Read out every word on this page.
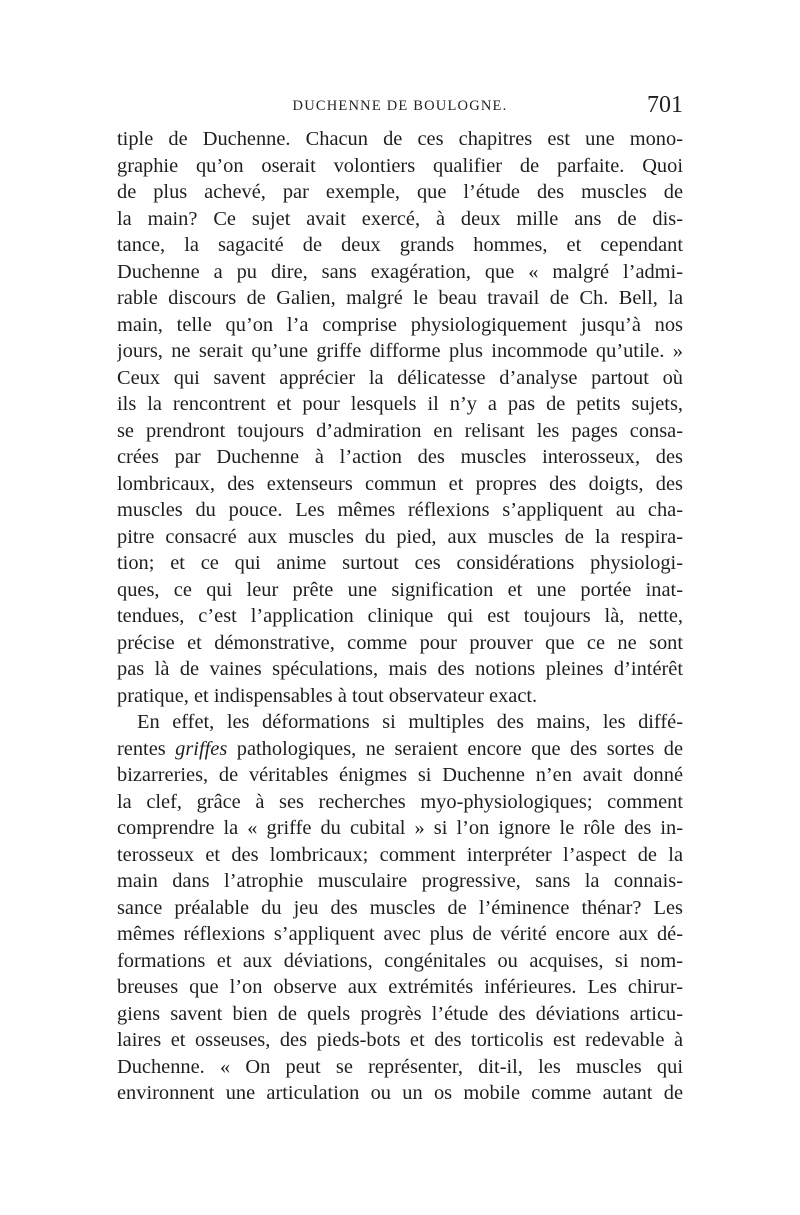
DUCHENNE DE BOULOGNE.	701
tiple de Duchenne. Chacun de ces chapitres est une mono-
graphie qu’on oserait volontiers qualifier de parfaite. Quoi
de plus achevé, par exemple, que l’étude des muscles de
la main? Ce sujet avait exercé, à deux mille ans de dis-
tance, la sagacité de deux grands hommes, et cependant
Duchenne a pu dire, sans exagération, que « malgré l’admi-
rable discours de Galien, malgré le beau travail de Ch. Bell, la
main, telle qu’on l’a comprise physiologiquement jusqu’à nos
jours, ne serait qu’une griffe difforme plus incommode qu’utile. »
Ceux qui savent apprécier la délicatesse d’analyse partout où
ils la rencontrent et pour lesquels il n’y a pas de petits sujets,
se prendront toujours d’admiration en relisant les pages consa-
crées par Duchenne à l’action des muscles interosseux, des
lombricaux, des extenseurs commun et propres des doigts, des
muscles du pouce. Les mêmes réflexions s’appliquent au cha-
pitre consacré aux muscles du pied, aux muscles de la respira-
tion; et ce qui anime surtout ces considérations physiologi-
ques, ce qui leur prête une signification et une portée inat-
tendues, c’est l’application clinique qui est toujours là, nette,
précise et démonstrative, comme pour prouver que ce ne sont
pas là de vaines spéculations, mais des notions pleines d’intérêt
pratique, et indispensables à tout observateur exact.
En effet, les déformations si multiples des mains, les diffé-
rentes griffes pathologiques, ne seraient encore que des sortes de
bizarreries, de véritables énigmes si Duchenne n’en avait donné
la clef, grâce à ses recherches myo-physiologiques; comment
comprendre la « griffe du cubital » si l’on ignore le rôle des in-
terosseux et des lombricaux; comment interpréter l’aspect de la
main dans l’atrophie musculaire progressive, sans la connais-
sance préalable du jeu des muscles de l’éminence thénar? Les
mêmes réflexions s’appliquent avec plus de vérité encore aux dé-
formations et aux déviations, congénitales ou acquises, si nom-
breuses que l’on observe aux extrémités inférieures. Les chirur-
giens savent bien de quels progrès l’étude des déviations articu-
laires et osseuses, des pieds-bots et des torticolis est redevable à
Duchenne. « On peut se représenter, dit-il, les muscles qui
environnent une articulation ou un os mobile comme autant de
